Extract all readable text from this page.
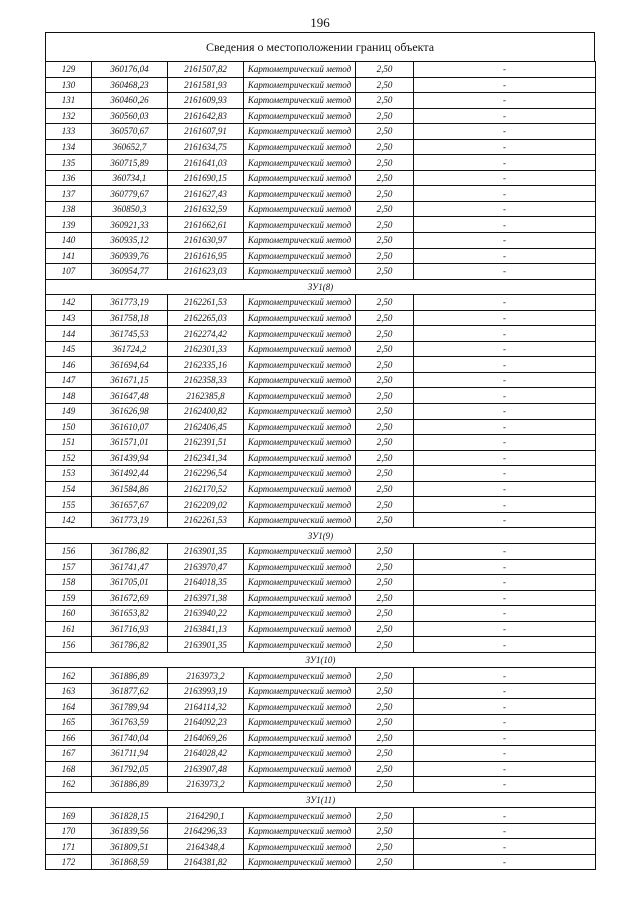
196
Сведения о местоположении границ объекта
129	360176,04	2161507,82	Картометрический метод	2,50	-
130	360468,23	2161581,93	Картометрический метод	2,50	-
131	360460,26	2161609,93	Картометрический метод	2,50	-
132	360560,03	2161642,83	Картометрический метод	2,50	-
133	360570,67	2161607,91	Картометрический метод	2,50	-
134	360652,7	2161634,75	Картометрический метод	2,50	-
135	360715,89	2161641,03	Картометрический метод	2,50	-
136	360734,1	2161690,15	Картометрический метод	2,50	-
137	360779,67	2161627,43	Картометрический метод	2,50	-
138	360850,3	2161632,59	Картометрический метод	2,50	-
139	360921,33	2161662,61	Картометрический метод	2,50	-
140	360935,12	2161630,97	Картометрический метод	2,50	-
141	360939,76	2161616,95	Картометрический метод	2,50	-
107	360954,77	2161623,03	Картометрический метод	2,50	-
ЗУ1(8)					
142	361773,19	2162261,53	Картометрический метод	2,50	-
143	361758,18	2162265,03	Картометрический метод	2,50	-
144	361745,53	2162274,42	Картометрический метод	2,50	-
145	361724,2	2162301,33	Картометрический метод	2,50	-
146	361694,64	2162335,16	Картометрический метод	2,50	-
147	361671,15	2162358,33	Картометрический метод	2,50	-
148	361647,48	2162385,8	Картометрический метод	2,50	-
149	361626,98	2162400,82	Картометрический метод	2,50	-
150	361610,07	2162406,45	Картометрический метод	2,50	-
151	361571,01	2162391,51	Картометрический метод	2,50	-
152	361439,94	2162341,34	Картометрический метод	2,50	-
153	361492,44	2162296,54	Картометрический метод	2,50	-
154	361584,86	2162170,52	Картометрический метод	2,50	-
155	361657,67	2162209,02	Картометрический метод	2,50	-
142	361773,19	2162261,53	Картометрический метод	2,50	-
ЗУ1(9)					
156	361786,82	2163901,35	Картометрический метод	2,50	-
157	361741,47	2163970,47	Картометрический метод	2,50	-
158	361705,01	2164018,35	Картометрический метод	2,50	-
159	361672,69	2163971,38	Картометрический метод	2,50	-
160	361653,82	2163940,22	Картометрический метод	2,50	-
161	361716,93	2163841,13	Картометрический метод	2,50	-
156	361786,82	2163901,35	Картометрический метод	2,50	-
ЗУ1(10)					
162	361886,89	2163973,2	Картометрический метод	2,50	-
163	361877,62	2163993,19	Картометрический метод	2,50	-
164	361789,94	2164114,32	Картометрический метод	2,50	-
165	361763,59	2164092,23	Картометрический метод	2,50	-
166	361740,04	2164069,26	Картометрический метод	2,50	-
167	361711,94	2164028,42	Картометрический метод	2,50	-
168	361792,05	2163907,48	Картометрический метод	2,50	-
162	361886,89	2163973,2	Картометрический метод	2,50	-
ЗУ1(11)					
169	361828,15	2164290,1	Картометрический метод	2,50	-
170	361839,56	2164296,33	Картометрический метод	2,50	-
171	361809,51	2164348,4	Картометрический метод	2,50	-
172	361868,59	2164381,82	Картометрический метод	2,50	-
